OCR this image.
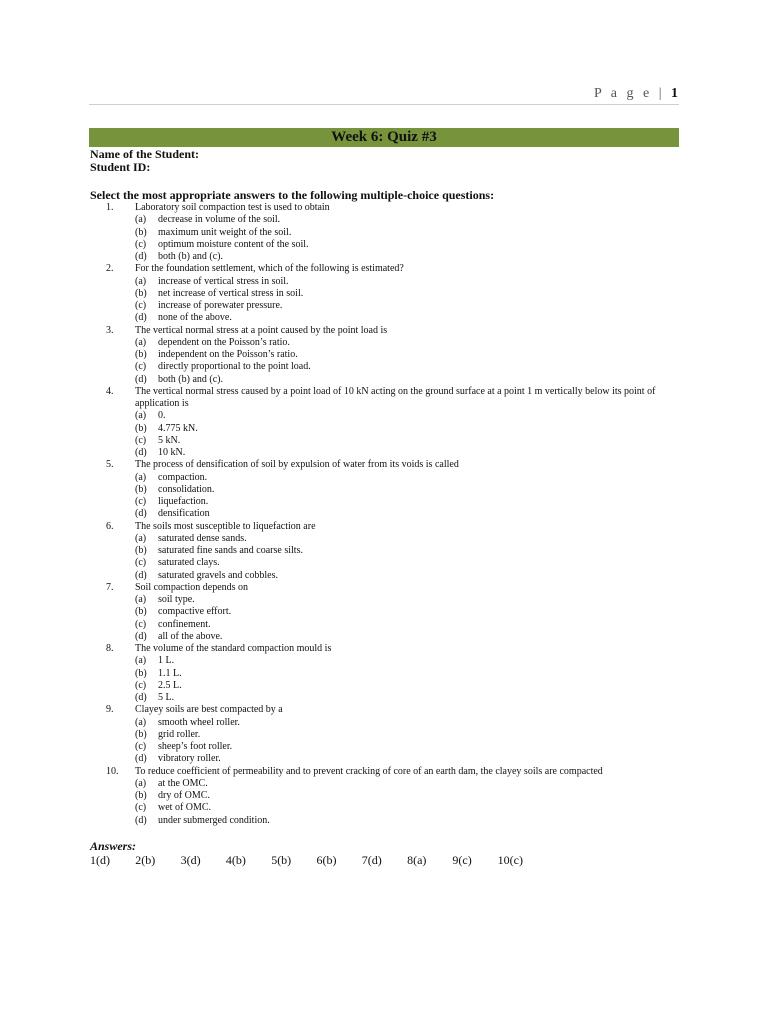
P a g e | 1
Week 6: Quiz #3
Name of the Student:
Student ID:
Select the most appropriate answers to the following multiple-choice questions:
1.	Laboratory soil compaction test is used to obtain
(a) decrease in volume of the soil.
(b) maximum unit weight of the soil.
(c) optimum moisture content of the soil.
(d) both (b) and (c).
2.	For the foundation settlement, which of the following is estimated?
(a) increase of vertical stress in soil.
(b) net increase of vertical stress in soil.
(c) increase of porewater pressure.
(d) none of the above.
3.	The vertical normal stress at a point caused by the point load is
(a) dependent on the Poisson’s ratio.
(b) independent on the Poisson’s ratio.
(c) directly proportional to the point load.
(d) both (b) and (c).
4.	The vertical normal stress caused by a point load of 10 kN acting on the ground surface at a point 1 m vertically below its point of application is
(a) 0.
(b) 4.775 kN.
(c) 5 kN.
(d) 10 kN.
5.	The process of densification of soil by expulsion of water from its voids is called
(a) compaction.
(b) consolidation.
(c) liquefaction.
(d) densification
6.	The soils most susceptible to liquefaction are
(a) saturated dense sands.
(b) saturated fine sands and coarse silts.
(c) saturated clays.
(d) saturated gravels and cobbles.
7.	Soil compaction depends on
(a) soil type.
(b) compactive effort.
(c) confinement.
(d) all of the above.
8.	The volume of the standard compaction mould is
(a) 1 L.
(b) 1.1 L.
(c) 2.5 L.
(d) 5 L.
9.	Clayey soils are best compacted by a
(a) smooth wheel roller.
(b) grid roller.
(c) sheep’s foot roller.
(d) vibratory roller.
10.	To reduce coefficient of permeability and to prevent cracking of core of an earth dam, the clayey soils are compacted
(a) at the OMC.
(b) dry of OMC.
(c) wet of OMC.
(d) under submerged condition.
Answers:
1(d)	2(b)	3(d)	4(b)	5(b)	6(b)	7(d)	8(a)	9(c)	10(c)
